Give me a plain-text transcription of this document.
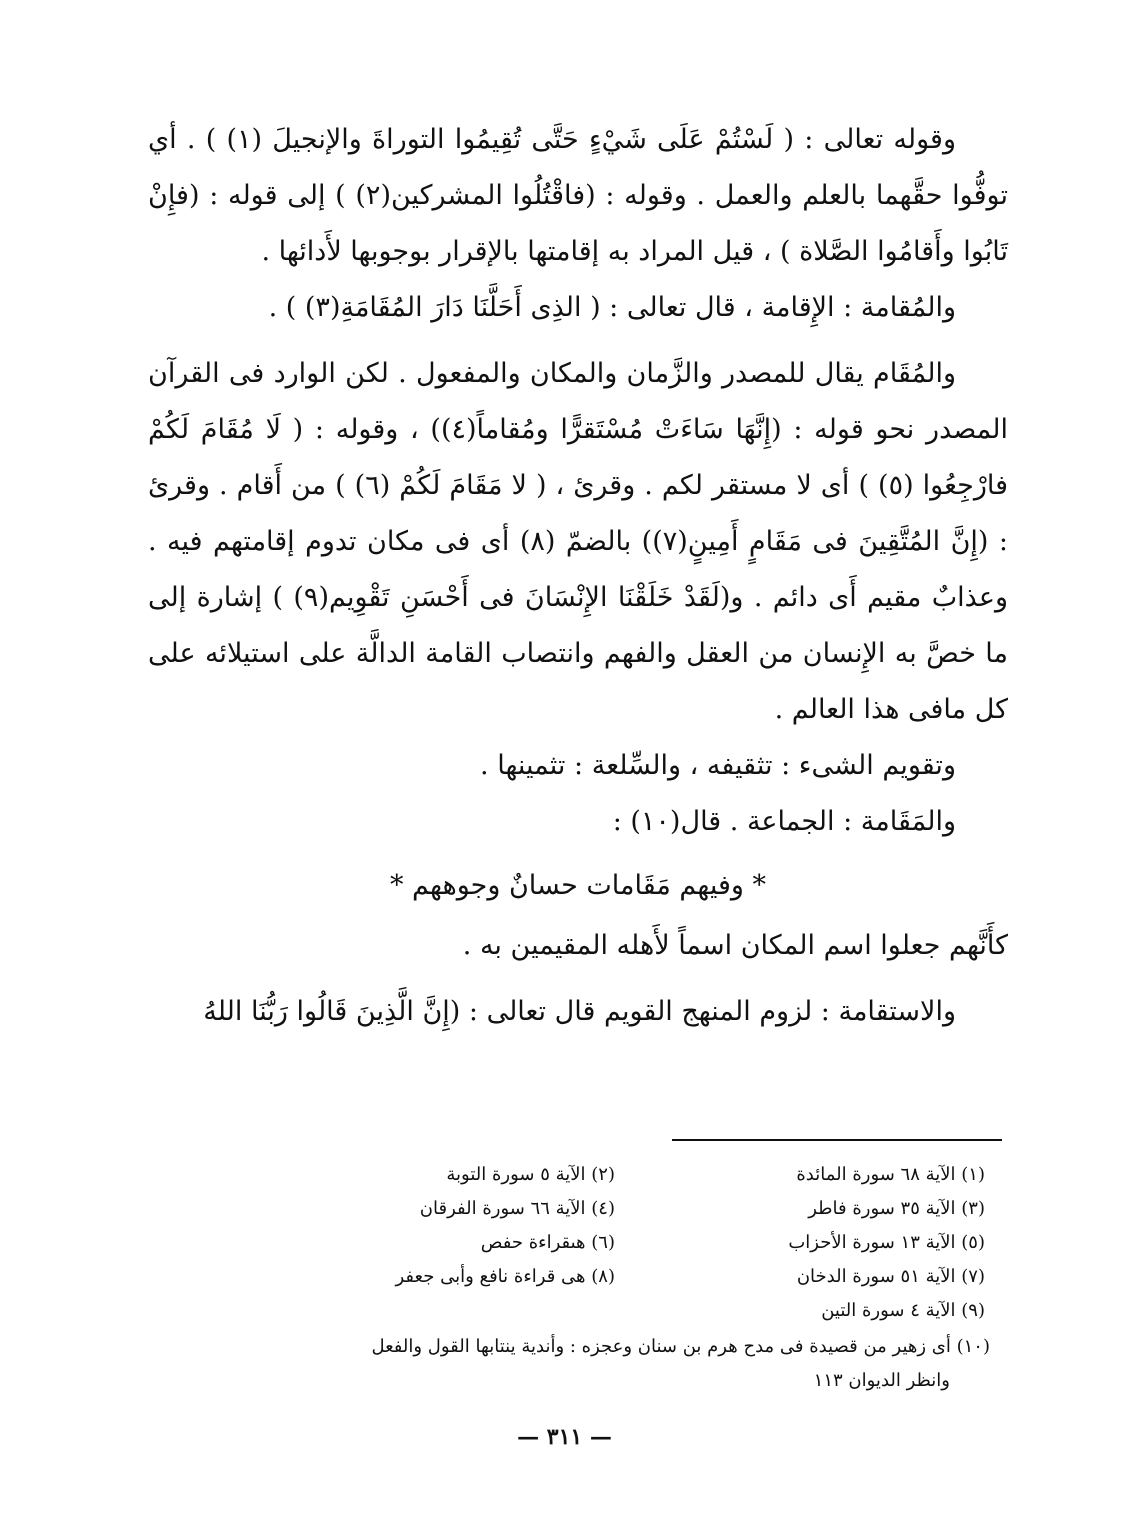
وقوله تعالى : ( لَسْتُمْ عَلَى شَيْءٍ حَتَّى تُقِيمُوا التوراةَ والإنجيلَ (١) ) . أي توفُّوا حقَّهما بالعلم والعمل . وقوله : (فاقْتُلُوا المشركين(٢) ) إلى قوله : (فإِنْ تَابُوا وأَقامُوا الصَّلاة ) ، قيل المراد به إقامتها بالإقرار بوجوبها لأَدائها .

والمُقامة : الإِقامة ، قال تعالى : ( الذِى أَحَلَّنَا دَارَ المُقَامَةِ(٣) ) .

والمُقَام يقال للمصدر والزَّمان والمكان والمفعول . لكن الوارد فى القرآن المصدر نحو قوله : (إِنَّهَا سَاءَتْ مُسْتَقرًّا ومُقاماً(٤)) ، وقوله : ( لَا مُقَامَ لَكُمْ فارْجِعُوا (٥) ) أى لا مستقر لكم . وقرئ ، ( لا مَقَامَ لَكُمْ (٦) ) من أَقام . وقرئ : (إِنَّ المُتَّقِينَ فى مَقَامٍ أَمِينٍ(٧)) بالضمّ (٨) أى فى مكان تدوم إقامتهم فيه . وعذابٌ مقيم أَى دائم . و(لَقَدْ خَلَقْنَا الإِنْسَانَ فى أَحْسَنِ تَقْوِيم(٩) ) إشارة إلى ما خصَّ به الإِنسان من العقل والفهم وانتصاب القامة الدالَّة على استيلائه على كل مافى هذا العالم .

وتقويم الشىء : تثقيفه ، والسِّلعة : تثمينها .

والمَقَامة : الجماعة . قال(١٠) :

* وفيهم مَقَامات حسانٌ وجوههم *

كأَنَّهم جعلوا اسم المكان اسماً لأَهله المقيمين به .

والاستقامة : لزوم المنهج القويم قال تعالى : (إِنَّ الَّذِينَ قَالُوا رَبُّنَا اللهُ

(١) الآية ٦٨ سورة المائدة
(٢) الآية ٥ سورة التوبة
(٣) الآية ٣٥ سورة فاطر
(٤) الآية ٦٦ سورة الفرقان
(٥) الآية ١٣ سورة الأحزاب
(٦) هىقراءة حفص
(٧) الآية ٥١ سورة الدخان
(٨) هى قراءة نافع وأبى جعفر
(٩) الآية ٤ سورة التين
(١٠) أى زهير من قصيدة فى مدح هرم بن سنان وعجزه : وأندية ينتابها القول والفعل
وانظر الديوان ١١٣
— ٣١١ —
